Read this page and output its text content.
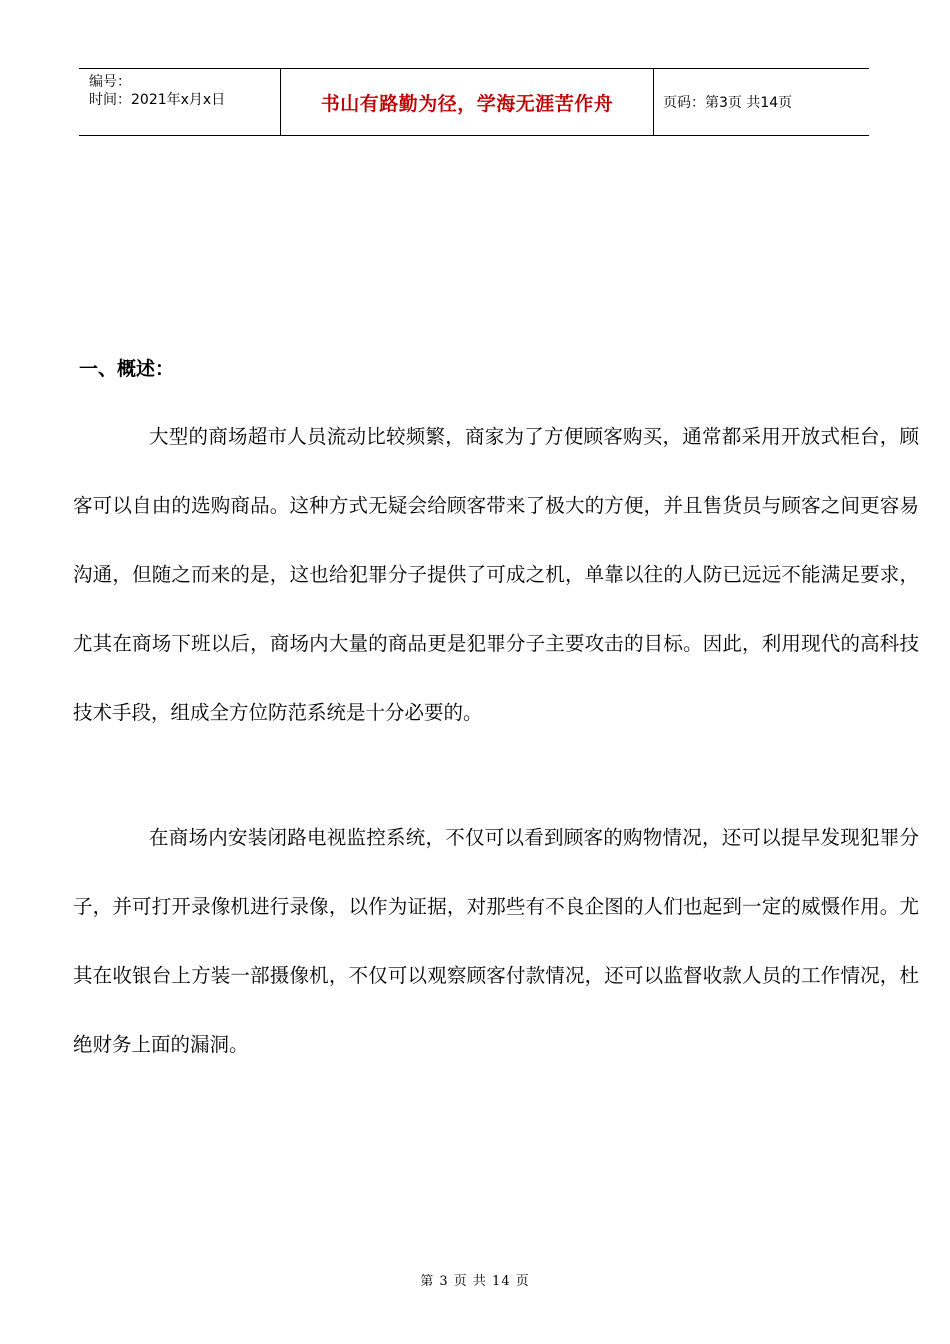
编号：
时间：2021年x月x日	书山有路勤为径，学海无涯苦作舟	页码：第3页 共14页
一、概述：

大型的商场超市人员流动比较频繁，商家为了方便顾客购买，通常都采用开放式柜台，顾客可以自由的选购商品。这种方式无疑会给顾客带来了极大的方便，并且售货员与顾客之间更容易沟通，但随之而来的是，这也给犯罪分子提供了可成之机，单靠以往的人防已远远不能满足要求，尤其在商场下班以后，商场内大量的商品更是犯罪分子主要攻击的目标。因此，利用现代的高科技技术手段，组成全方位防范系统是十分必要的。

在商场内安装闭路电视监控系统，不仅可以看到顾客的购物情况，还可以提早发现犯罪分子，并可打开录像机进行录像，以作为证据，对那些有不良企图的人们也起到一定的威慑作用。尤其在收银台上方装一部摄像机，不仅可以观察顾客付款情况，还可以监督收款人员的工作情况，杜绝财务上面的漏洞。

第 3 页 共 14 页
